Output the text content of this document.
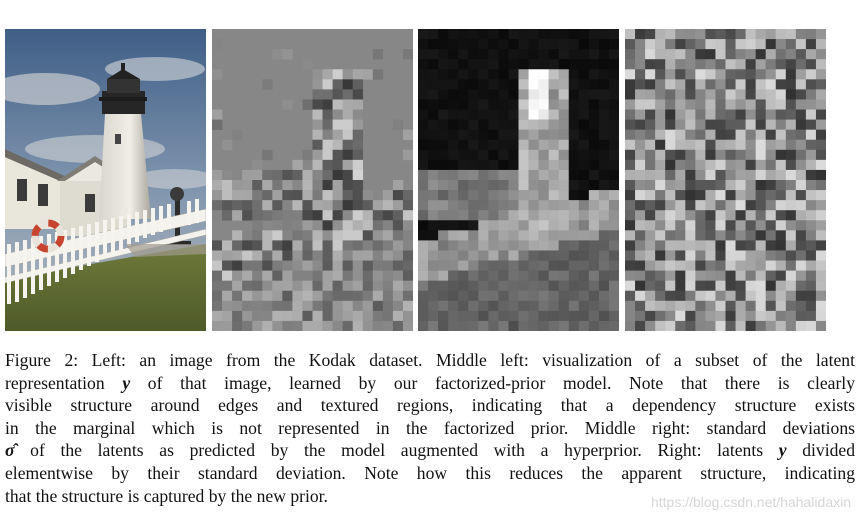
Figure 2: Left: an image from the Kodak dataset. Middle left: visualization of a subset of the latent
representation y of that image, learned by our factorized-prior model. Note that there is clearly
visible structure around edges and textured regions, indicating that a dependency structure exists
in the marginal which is not represented in the factorized prior. Middle right: standard deviations
σ̂ of the latents as predicted by the model augmented with a hyperprior. Right: latents y divided
elementwise by their standard deviation. Note how this reduces the apparent structure, indicating
that the structure is captured by the new prior.	https://blog.csdn.net/hahalidaxin
